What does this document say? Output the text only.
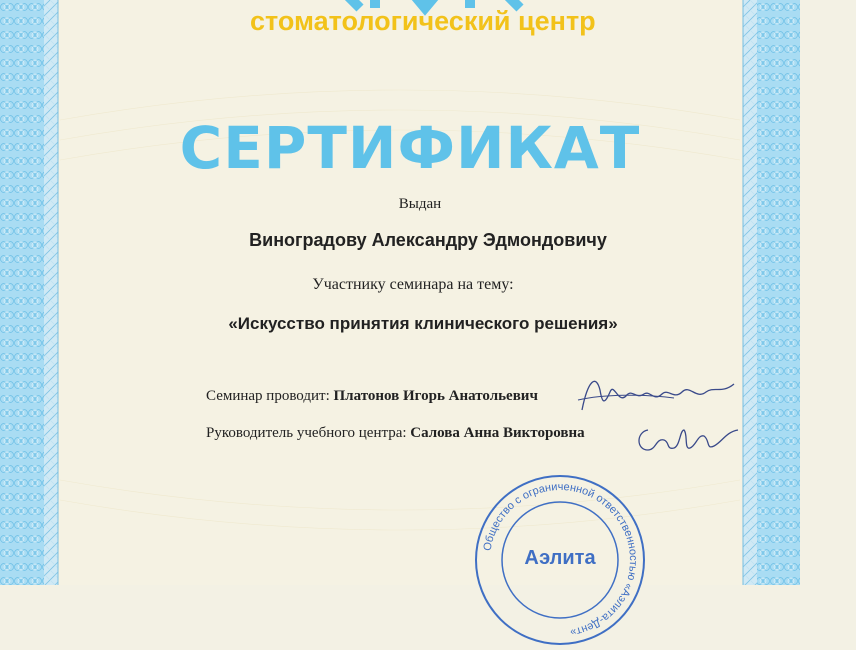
стоматологический центр
СЕРТИФИКАТ
Выдан
Виноградову Александру Эдмондовичу
Участнику семинара на тему:
«Искусство принятия клинического решения»
Семинар проводит: Платонов Игорь Анатольевич
Руководитель учебного центра: Салова Анна Викторовна
Общество с ограниченной ответственностью «Аэлита-Дент»
Аэлита
